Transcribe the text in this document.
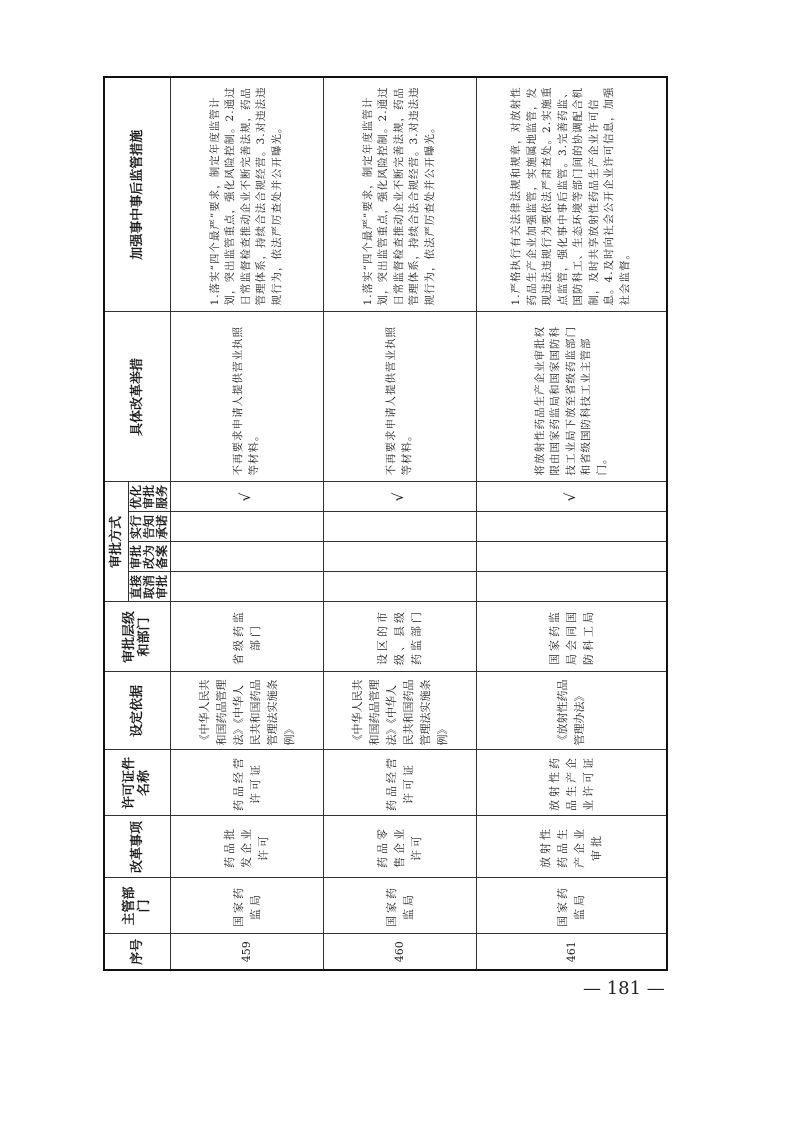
序号	主管部门	改革事项	许可证件名称	设定依据	审批层级和部门	审批方式				具体改革举措	加强事中事后监管措施
						直接取消审批	审批改为备案	实行告知承诺	优化审批服务		
459	国家药监局	药品批发企业许可	药品经营许可证	《中华人民共和国药品管理法》《中华人民共和国药品管理法实施条例》	省级药监部门				√	不再要求申请人提供营业执照等材料。	1.落实“四个最严”要求，制定年度监管计划，突出监管重点，强化风险控制。2.通过日常监督检查推动企业不断完善法规，药品管理体系，持续合法合规经营。3.对违法违规行为，依法严厉查处并公开曝光。
460	国家药监局	药品零售企业许可	药品经营许可证	《中华人民共和国药品管理法》《中华人民共和国药品管理法实施条例》	设区的市级、县级药监部门				√	不再要求申请人提供营业执照等材料。	1.落实“四个最严”要求，制定年度监管计划，突出监管重点，强化风险控制。2.通过日常监督检查推动企业不断完善法规，药品管理体系，持续合法合规经营。3.对违法违规行为，依法严厉查处并公开曝光。
461	国家药监局	放射性药品生产企业审批	放射性药品生产企业许可证	《放射性药品管理办法》	国家药监局会同国防科工局				√	将放射性药品生产企业审批权限由国家药监局和国家国防科技工业局下放至省级药监部门和省级国防科技工业主管部门。	1.严格执行有关法律法规和规章，对放射性药品生产企业加强监管，实施属地监管，发现违法违规行为要依法严肃查处。2.实施重点监管，强化事中事后监管。3.完善药监、国防科工、生态环境等部门间的协调配合机制，及时共享放射性药品生产企业许可信息。4.及时向社会公开企业许可信息，加强社会监督。
— 181 —
